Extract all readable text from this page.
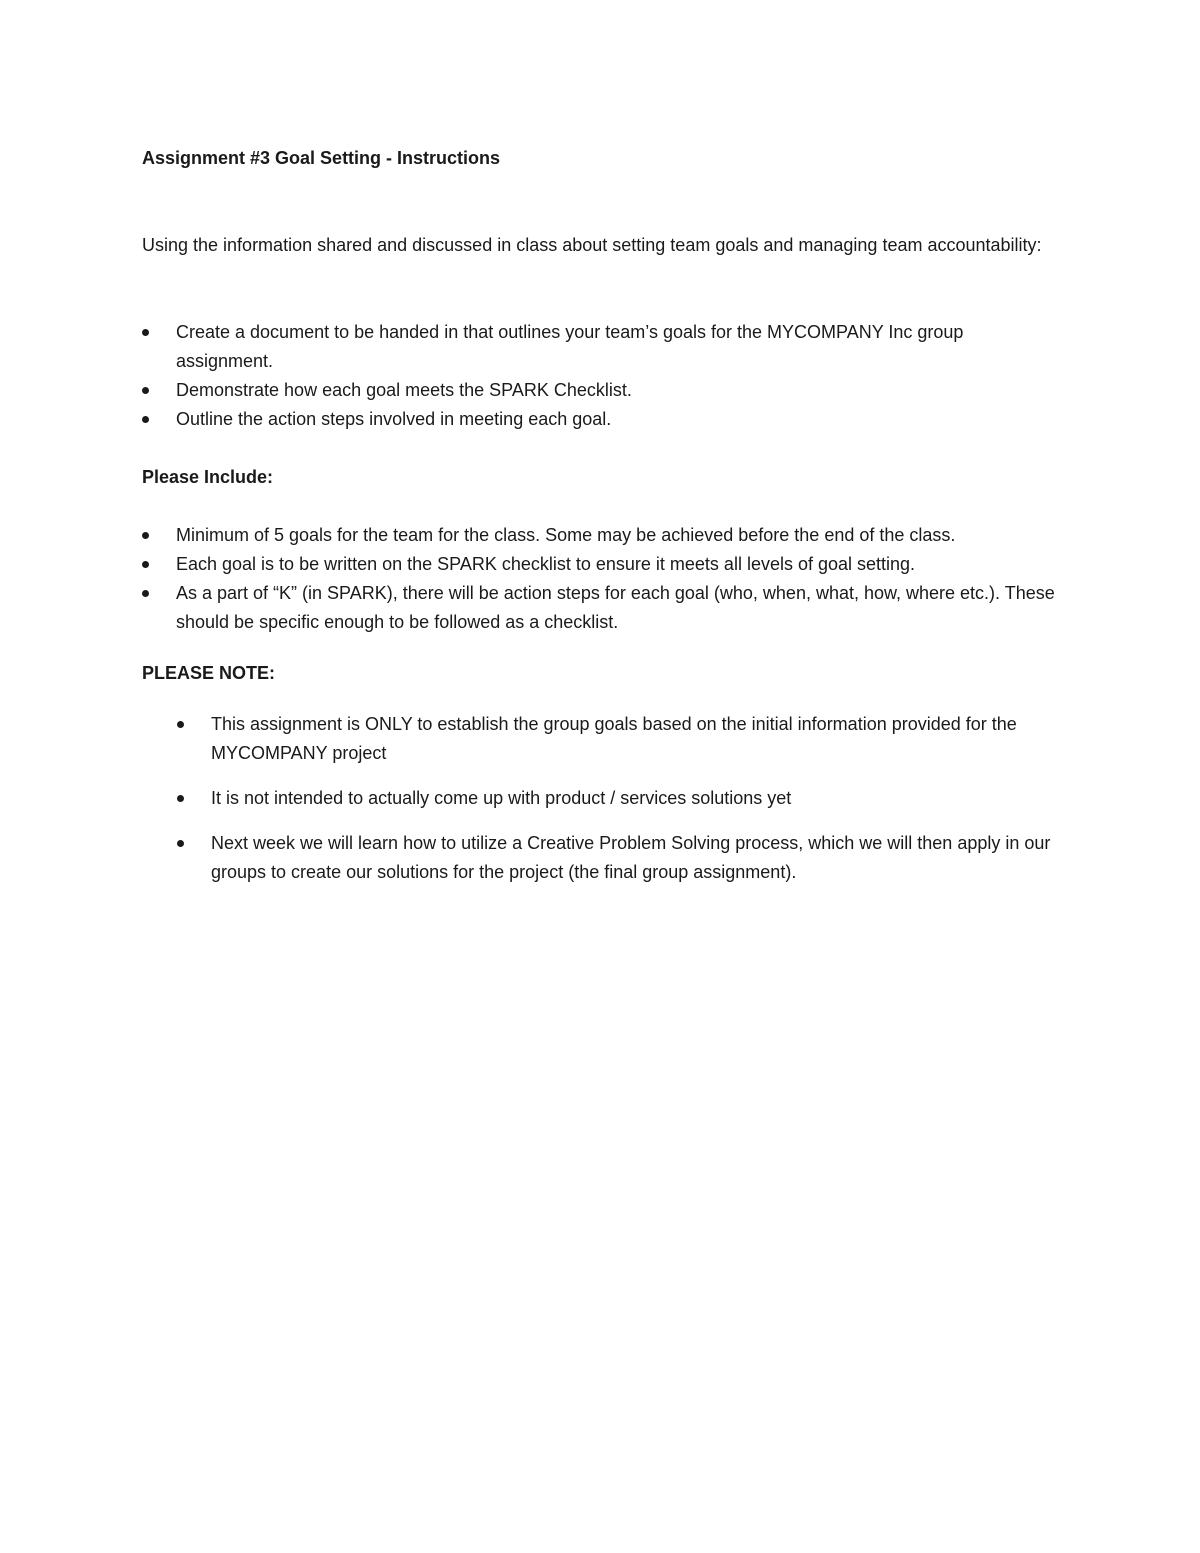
Assignment #3 Goal Setting - Instructions

Using the information shared and discussed in class about setting team goals and managing team accountability:

Create a document to be handed in that outlines your team’s goals for the MYCOMPANY Inc group assignment.
Demonstrate how each goal meets the SPARK Checklist.
Outline the action steps involved in meeting each goal.

Please Include:

Minimum of 5 goals for the team for the class. Some may be achieved before the end of the class.
Each goal is to be written on the SPARK checklist to ensure it meets all levels of goal setting.
As a part of “K” (in SPARK), there will be action steps for each goal (who, when, what, how, where etc.). These should be specific enough to be followed as a checklist.

PLEASE NOTE:

This assignment is ONLY to establish the group goals based on the initial information provided for the MYCOMPANY project
It is not intended to actually come up with product / services solutions yet
Next week we will learn how to utilize a Creative Problem Solving process, which we will then apply in our groups to create our solutions for the project (the final group assignment).
